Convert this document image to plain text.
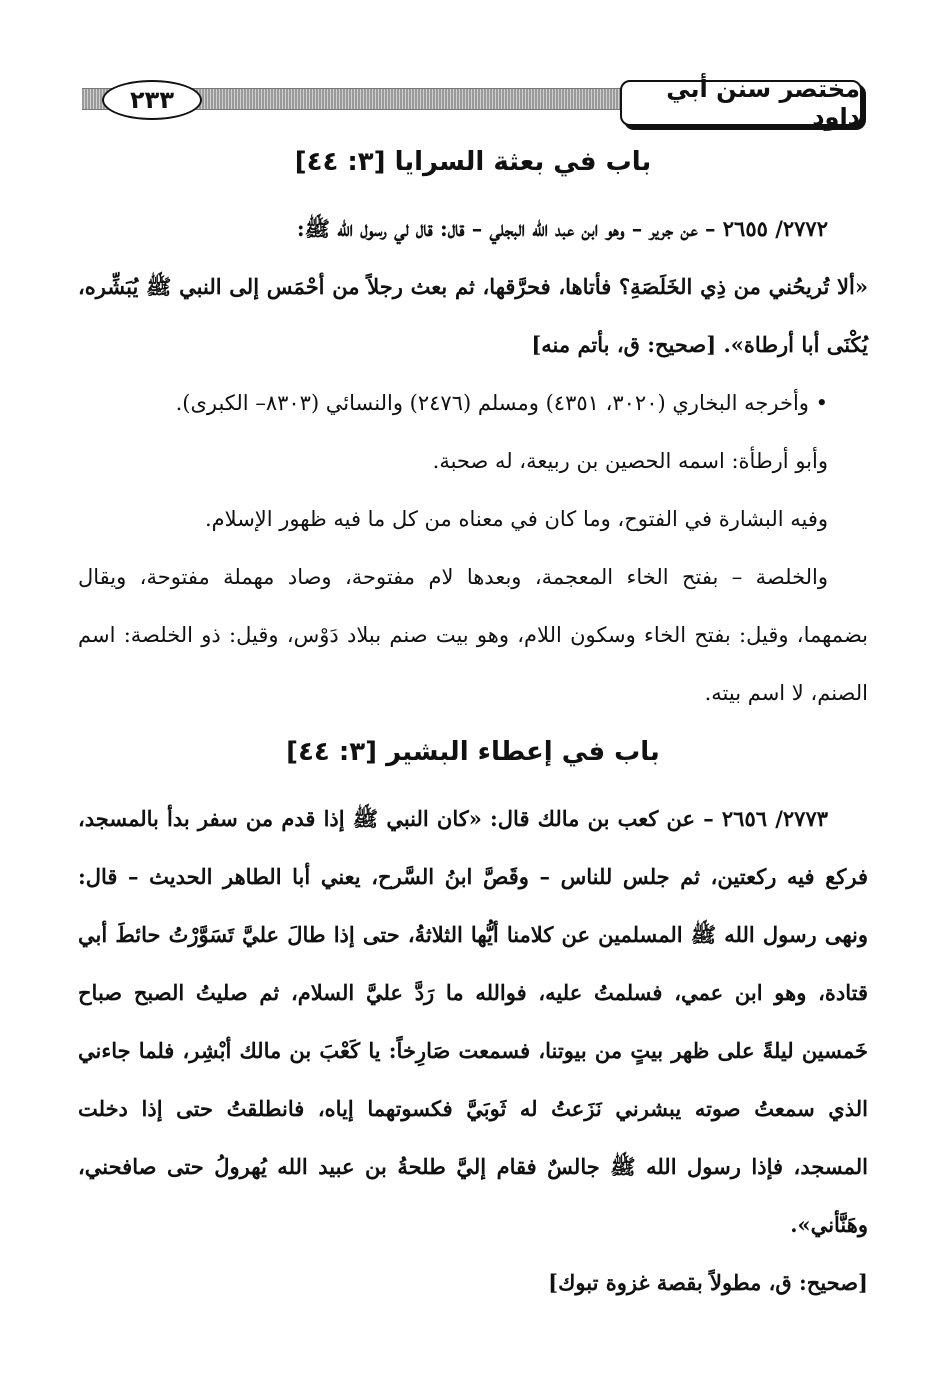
مختصر سنن أبي داود
٢٣٣
باب في بعثة السرايا [٣: ٤٤]

٢٧٧٢/ ٢٦٥٥ – عن جرير – وهو ابن عبد الله البجلي – قال: قال لي رسول الله ﷺ:

«ألا تُريحُني من ذِي الخَلَصَةِ؟ فأتاها، فحرَّقها، ثم بعث رجلاً من أحْمَس إلى النبي ﷺ يُبَشِّره، يُكْنَى أبا أرطاة». [صحيح: ق، بأتم منه]

• وأخرجه البخاري (٣٠٢٠، ٤٣٥١) ومسلم (٢٤٧٦) والنسائي (٨٣٠٣– الكبرى).

وأبو أرطأة: اسمه الحصين بن ربيعة، له صحبة.

وفيه البشارة في الفتوح، وما كان في معناه من كل ما فيه ظهور الإسلام.

والخلصة – بفتح الخاء المعجمة، وبعدها لام مفتوحة، وصاد مهملة مفتوحة، ويقال بضمهما، وقيل: بفتح الخاء وسكون اللام، وهو بيت صنم ببلاد دَوْس، وقيل: ذو الخلصة: اسم الصنم، لا اسم بيته.

باب في إعطاء البشير [٣: ٤٤]

٢٧٧٣/ ٢٦٥٦ – عن كعب بن مالك قال: «كان النبي ﷺ إذا قدم من سفر بدأ بالمسجد، فركع فيه ركعتين، ثم جلس للناس – وقَصَّ ابنُ السَّرح، يعني أبا الطاهر الحديث – قال: ونهى رسول الله ﷺ المسلمين عن كلامنا أيُّها الثلاثةُ، حتى إذا طالَ عليَّ تَسَوَّرْتُ حائطَ أبي قتادة، وهو ابن عمي، فسلمتُ عليه، فوالله ما رَدَّ عليَّ السلام، ثم صليتُ الصبح صباح خَمسين ليلةً على ظهر بيتٍ من بيوتنا، فسمعت صَارِخاً: يا كَعْبَ بن مالك أبْشِر، فلما جاءني الذي سمعتُ صوته يبشرني نَزَعتُ له ثَوبَيَّ فكسوتهما إياه، فانطلقتُ حتى إذا دخلت المسجد، فإذا رسول الله ﷺ جالسٌ فقام إليَّ طلحةُ بن عبيد الله يُهرولُ حتى صافحني، وهَنَّأني».

[صحيح: ق، مطولاً بقصة غزوة تبوك]
